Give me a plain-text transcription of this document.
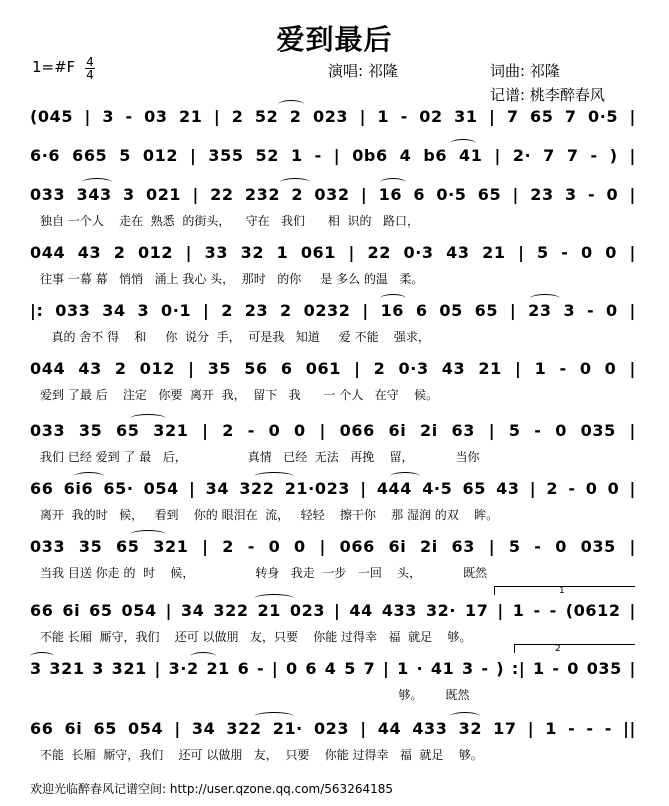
爱到最后
1=#F 4
4	演唱: 祁隆	词曲: 祁隆
记谱: 桃李醉春风
(045 | 3 - 03 21 | 2 52 2 023 | 1 - 02 31 | 7 65 7 0·5 |
6·6 665 5 012 | 355 52 1 - | 0b6 4 b6 41 | 2· 7 7 - ) |
033 343 3 021 | 22 232 2 032 | 16 6 0·5 65 | 23 3 - 0 |
独自 一个人    走在  熟悉  的街头，    守在   我们      相  识的   路口，
044 43 2 012 | 33 32 1 061 | 22 0·3 43 21 | 5 - 0 0 |
往事 一幕 幕   悄悄   涌上 我心 头，  那时   的你     是 多么 的温   柔。
|: 033 34 3 0·1 | 2 23 2 0232 | 16 6 05 65 | 23 3 - 0 |
真的 舍不 得    和     你  说分  手，  可是我   知道     爱 不能    强求，
044 43 2 012 | 35 56 6 061 | 2 0·3 43 21 | 1 - 0 0 |
爱到 了最 后    注定   你要  离开  我，  留下   我      一 个人   在守    候。
033 35 65 321 | 2 - 0 0 | 066 6i 2i 63 | 5 - 0 035 |
我们 已经 爱到 了 最   后，                真情   已经  无法   再挽    留，           当你
66 6i6 65· 054 | 34 322 21·023 | 444 4·5 65 43 | 2 - 0 0 |
离开  我的时   候，   看到    你的 眼泪在  流，   轻轻    擦干你    那 湿润 的双    眸。
033 35 65 321 | 2 - 0 0 | 066 6i 2i 63 | 5 - 0 035 |
当我 目送 你走 的  时    候，                转身   我走  一步   一回    头，           既然
66 6i 65 054 | 34 322 21 023 | 44 433 32· 17 | 1 - - (0612 |
不能 长厢  厮守，我们    还可 以做朋   友，只要    你能 过得幸   福  就足    够。
1
3 321 3 321 | 3·2 21 6 - | 0 6 4 5 7 | 1 · 41 3 - ) :| 1 - 0 035 |
够。      既然
2
66 6i 65 054 | 34 322 21· 023 | 44 433 32 17 | 1 - - - ||
不能  长厢  厮守，我们    还可 以做朋   友，  只要    你能 过得幸   福  就足    够。
欢迎光临醉春风记谱空间: http://user.qzone.qq.com/563264185
